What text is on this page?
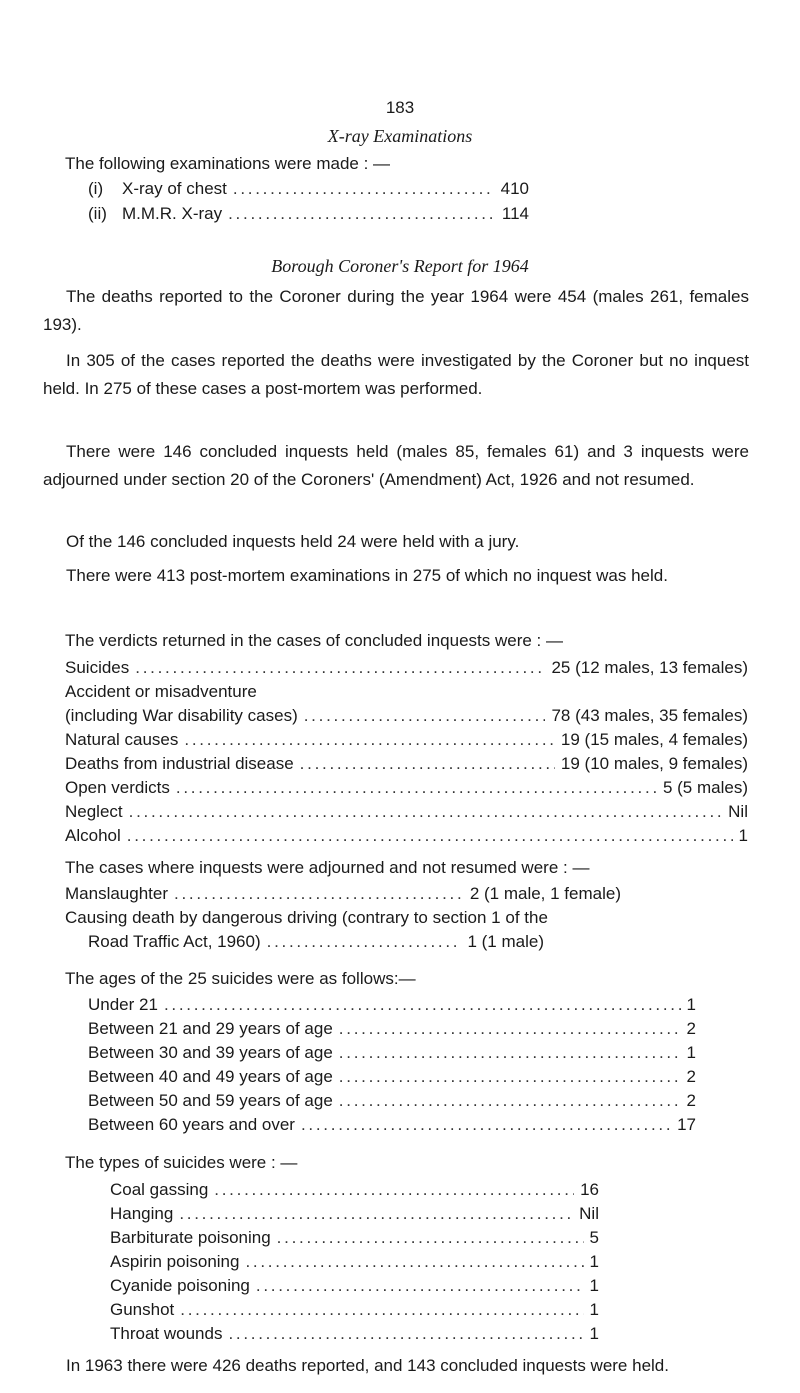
183
X-ray Examinations
The following examinations were made : —
(i)	X-ray of chest . . .	410
(ii) M.M.R. X-ray . . .	114
Borough Coroner's Report for 1964
The deaths reported to the Coroner during the year 1964 were 454 (males 261, females 193).
In 305 of the cases reported the deaths were investigated by the Coroner but no inquest held. In 275 of these cases a post-mortem was performed.
There were 146 concluded inquests held (males 85, females 61) and 3 inquests were adjourned under section 20 of the Coroners' (Amendment) Act, 1926 and not resumed.
Of the 146 concluded inquests held 24 were held with a jury.
There were 413 post-mortem examinations in 275 of which no inquest was held.
The verdicts returned in the cases of concluded inquests were : —
Suicides . . .	25 (12 males, 13 females)
Accident or misadventure
(including War disability cases) . . .	78 (43 males, 35 females)
Natural causes . . .	19 (15 males, 4 females)
Deaths from industrial disease . . .	19 (10 males, 9 females)
Open verdicts . . .	5 (5 males)
Neglect . . .	Nil
Alcohol . . .	1
The cases where inquests were adjourned and not resumed were : —
Manslaughter . . .	2 (1 male, 1 female)
Causing death by dangerous driving (contrary to section 1 of the
Road Traffic Act, 1960) . . .	1 (1 male)
The ages of the 25 suicides were as follows:—
Under 21 . . .	1
Between 21 and 29 years of age . . .	2
Between 30 and 39 years of age . . .	1
Between 40 and 49 years of age . . .	2
Between 50 and 59 years of age . . .	2
Between 60 years and over . . .	17
The types of suicides were : —
Coal gassing . . .	16
Hanging . . .	Nil
Barbiturate poisoning . . .	5
Aspirin poisoning . . .	1
Cyanide poisoning . . .	1
Gunshot . . .	1
Throat wounds . . .	1
In 1963 there were 426 deaths reported, and 143 concluded inquests were held.
